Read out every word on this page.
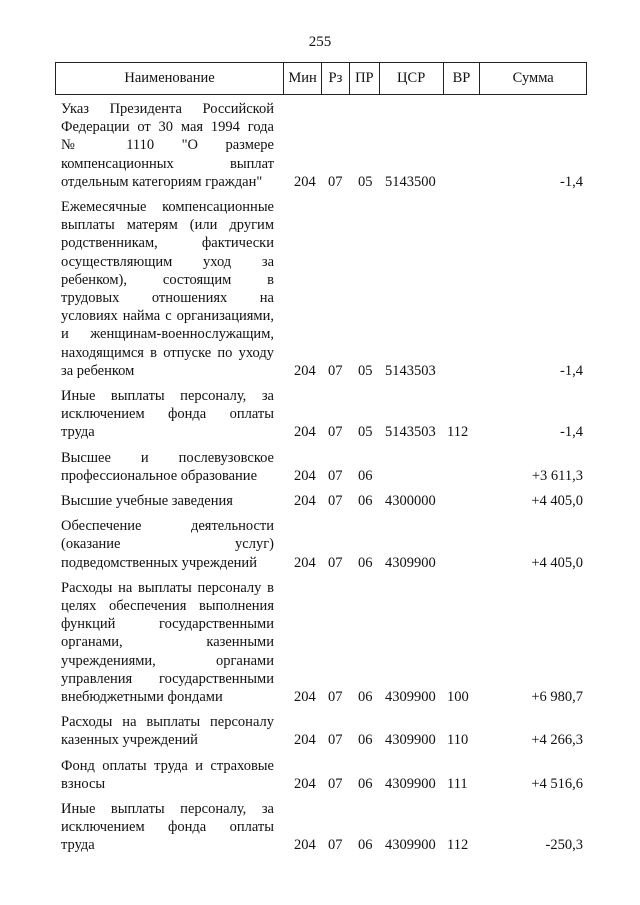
255
Наименование	Мин Рз ПР	ЦСР	ВР	Сумма
Указ Президента Российской
Федерации от 30 мая 1994 года
№ 1110 "О размере
компенсационных выплат
отдельным категориям граждан"	204 07 05 5143500	-1,4
Ежемесячные компенсационные
выплаты матерям (или другим
родственникам, фактически
осуществляющим уход за
ребенком), состоящим в
трудовых отношениях на
условиях найма с организациями,
и женщинам-военнослужащим,
находящимся в отпуске по уходу
за ребенком	204 07 05 5143503	-1,4
Иные выплаты персоналу, за
исключением фонда оплаты
труда	204 07 05 5143503 112	-1,4
Высшее и послевузовское
профессиональное образование	204 07 06	+3 611,3
Высшие учебные заведения	204 07 06 4300000	+4 405,0
Обеспечение деятельности
(оказание услуг)
подведомственных учреждений	204 07 06 4309900	+4 405,0
Расходы на выплаты персоналу в
целях обеспечения выполнения
функций государственными
органами, казенными
учреждениями, органами
управления государственными
внебюджетными фондами	204 07 06 4309900 100	+6 980,7
Расходы на выплаты персоналу
казенных учреждений	204 07 06 4309900 110	+4 266,3
Фонд оплаты труда и страховые
взносы	204 07 06 4309900 111	+4 516,6
Иные выплаты персоналу, за
исключением фонда оплаты
труда	204 07 06 4309900 112	-250,3
